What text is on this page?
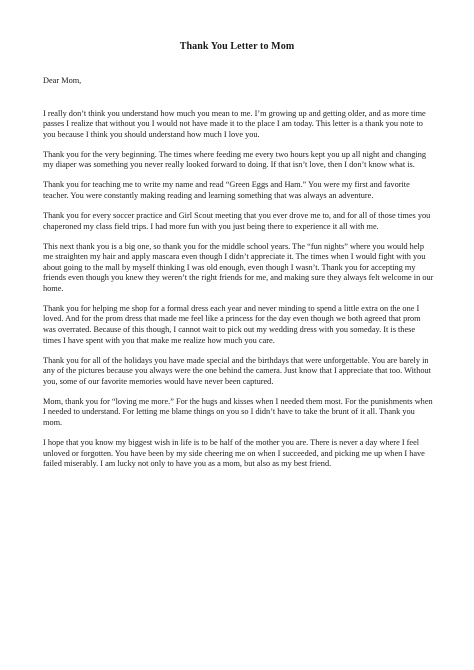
Thank You Letter to Mom

Dear Mom,

I really don’t think you understand how much you mean to me. I’m growing up and getting older, and as more time passes I realize that without you I would not have made it to the place I am today. This letter is a thank you note to you because I think you should understand how much I love you.

Thank you for the very beginning. The times where feeding me every two hours kept you up all night and changing my diaper was something you never really looked forward to doing. If that isn’t love, then I don’t know what is.

Thank you for teaching me to write my name and read “Green Eggs and Ham.” You were my first and favorite teacher. You were constantly making reading and learning something that was always an adventure.

Thank you for every soccer practice and Girl Scout meeting that you ever drove me to, and for all of those times you chaperoned my class field trips. I had more fun with you just being there to experience it all with me.

This next thank you is a big one, so thank you for the middle school years. The “fun nights” where you would help me straighten my hair and apply mascara even though I didn’t appreciate it. The times when I would fight with you about going to the mall by myself thinking I was old enough, even though I wasn’t. Thank you for accepting my friends even though you knew they weren’t the right friends for me, and making sure they always felt welcome in our home.

Thank you for helping me shop for a formal dress each year and never minding to spend a little extra on the one I loved. And for the prom dress that made me feel like a princess for the day even though we both agreed that prom was overrated. Because of this though, I cannot wait to pick out my wedding dress with you someday. It is these times I have spent with you that make me realize how much you care.

Thank you for all of the holidays you have made special and the birthdays that were unforgettable. You are barely in any of the pictures because you always were the one behind the camera. Just know that I appreciate that too. Without you, some of our favorite memories would have never been captured.

Mom, thank you for “loving me more.” For the hugs and kisses when I needed them most. For the punishments when I needed to understand. For letting me blame things on you so I didn’t have to take the brunt of it all. Thank you mom.

I hope that you know my biggest wish in life is to be half of the mother you are. There is never a day where I feel unloved or forgotten. You have been by my side cheering me on when I succeeded, and picking me up when I have failed miserably. I am lucky not only to have you as a mom, but also as my best friend.
